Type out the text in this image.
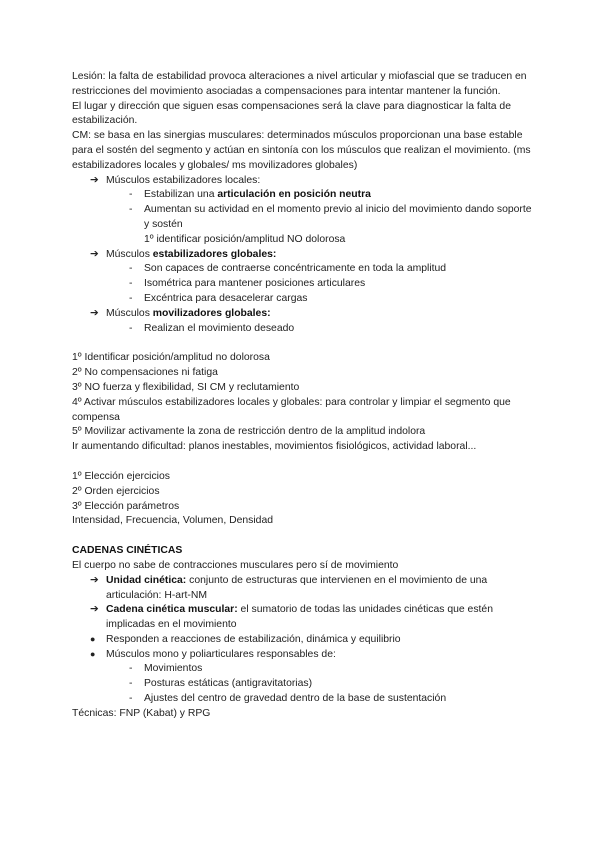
Lesión: la falta de estabilidad provoca alteraciones a nivel articular y miofascial que se traducen en restricciones del movimiento asociadas a compensaciones para intentar mantener la función.

El lugar y dirección que siguen esas compensaciones será la clave para diagnosticar la falta de estabilización.

CM: se basa en las sinergias musculares: determinados músculos proporcionan una base estable para el sostén del segmento y actúan en sintonía con los músculos que realizan el movimiento. (ms estabilizadores locales y globales/ ms movilizadores globales)

➔ Músculos estabilizadores locales:
- Estabilizan una articulación en posición neutra
- Aumentan su actividad en el momento previo al inicio del movimiento dando soporte y sostén
1º identificar posición/amplitud NO dolorosa
➔ Músculos estabilizadores globales:
- Son capaces de contraerse concéntricamente en toda la amplitud
- Isométrica para mantener posiciones articulares
- Excéntrica para desacelerar cargas
➔ Músculos movilizadores globales:
- Realizan el movimiento deseado

1º Identificar posición/amplitud no dolorosa

2º No compensaciones ni fatiga

3º NO fuerza y flexibilidad, SI CM y reclutamiento

4º Activar músculos estabilizadores locales y globales: para controlar y limpiar el segmento que compensa

5º Movilizar activamente la zona de restricción dentro de la amplitud indolora

Ir aumentando dificultad: planos inestables, movimientos fisiológicos, actividad laboral...

1º Elección ejercicios

2º Orden ejercicios

3º Elección parámetros

Intensidad, Frecuencia, Volumen, Densidad

CADENAS CINÉTICAS

El cuerpo no sabe de contracciones musculares pero sí de movimiento

➔ Unidad cinética: conjunto de estructuras que intervienen en el movimiento de una articulación: H-art-NM
➔ Cadena cinética muscular: el sumatorio de todas las unidades cinéticas que estén implicadas en el movimiento
● Responden a reacciones de estabilización, dinámica y equilibrio
● Músculos mono y poliarticulares responsables de:
- Movimientos
- Posturas estáticas (antigravitatorias)
- Ajustes del centro de gravedad dentro de la base de sustentación

Técnicas: FNP (Kabat) y RPG
